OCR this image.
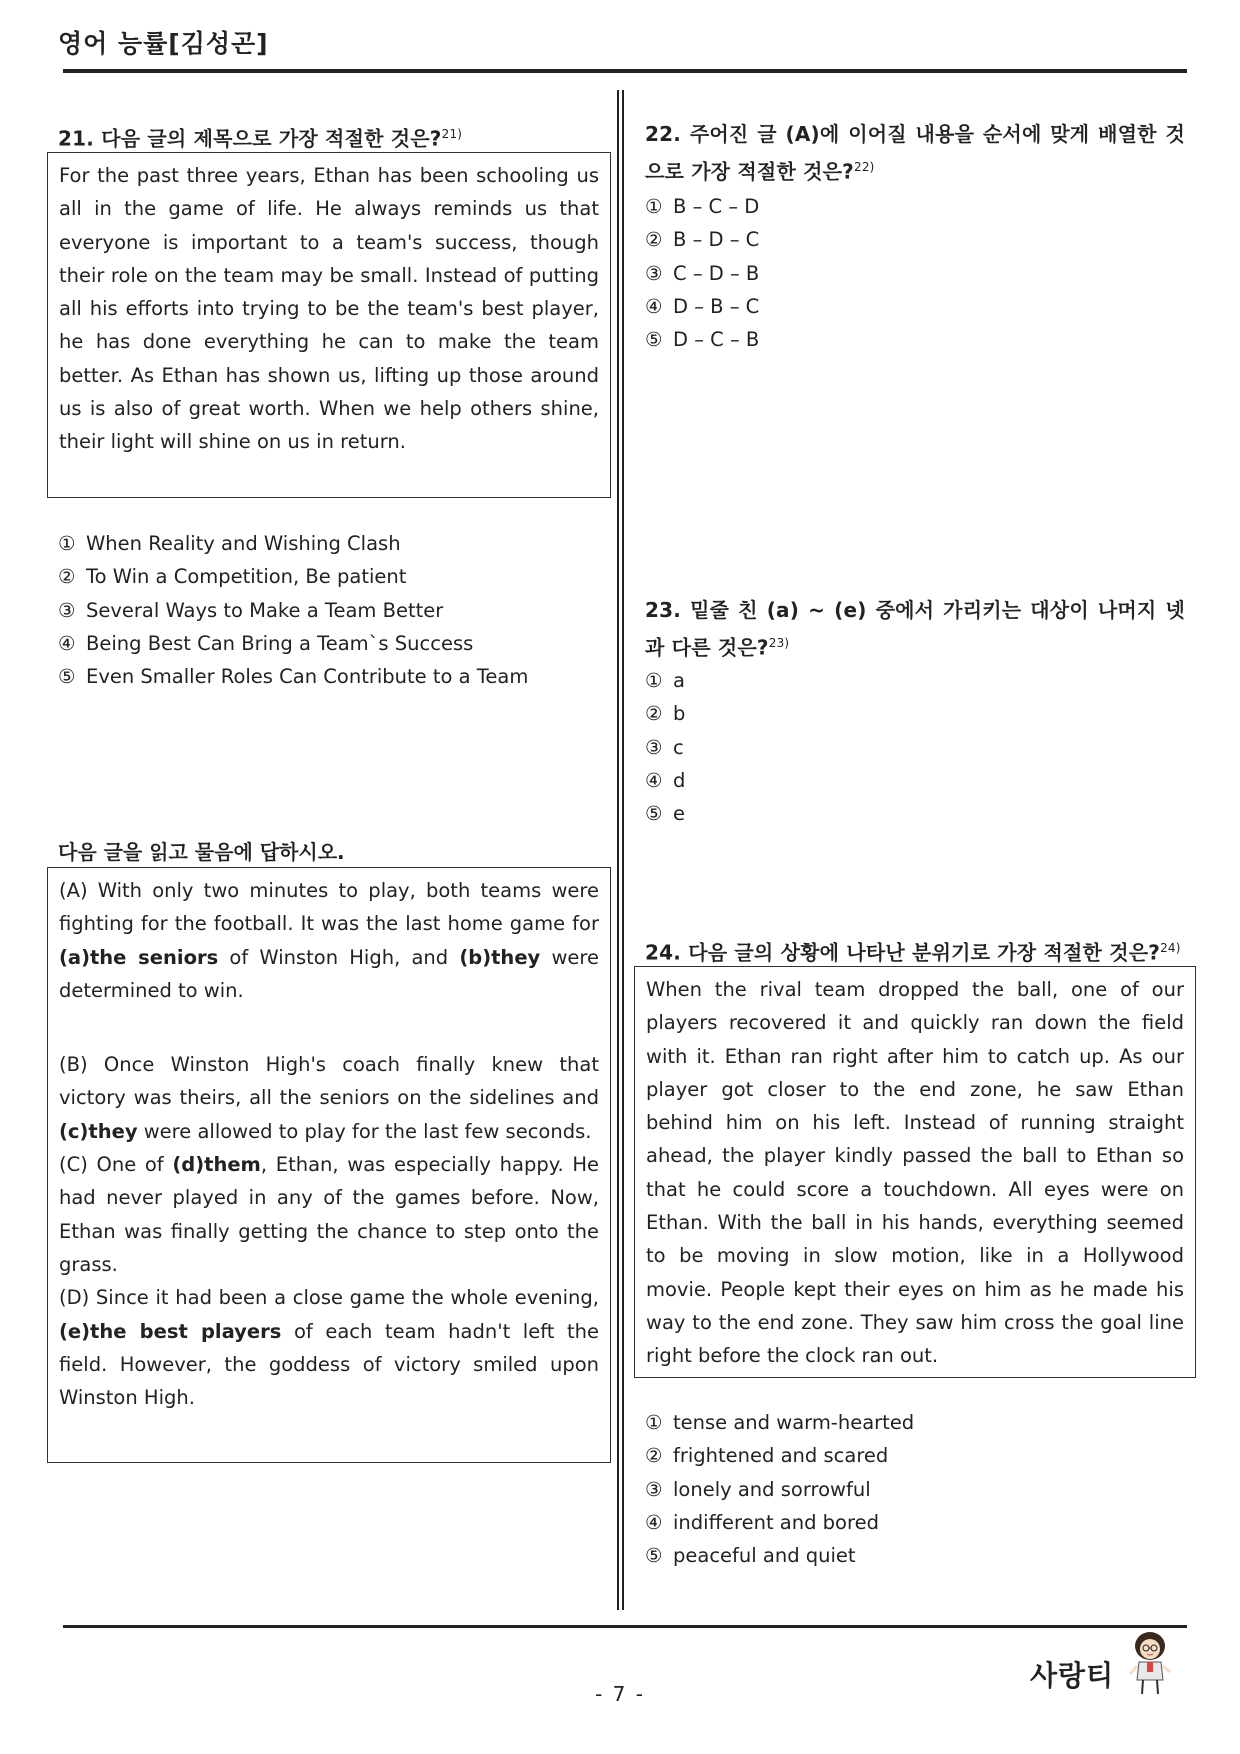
영어 능률[김성곤]
21. 다음 글의 제목으로 가장 적절한 것은?$^{21)}$

For the past three years, Ethan has been schooling us all in the game of life. He always reminds us that everyone is important to a team's success, though their role on the team may be small. Instead of putting all his efforts into trying to be the team's best player, he has done everything he can to make the team better. As Ethan has shown us, lifting up those around us is also of great worth. When we help others shine, their light will shine on us in return.

① When Reality and Wishing Clash
② To Win a Competition, Be patient
③ Several Ways to Make a Team Better
④ Being Best Can Bring a Team`s Success
⑤ Even Smaller Roles Can Contribute to a Team
다음 글을 읽고 물음에 답하시오.

(A) With only two minutes to play, both teams were fighting for the football. It was the last home game for (a)the seniors of Winston High, and (b)they were determined to win.

(B) Once Winston High's coach finally knew that victory was theirs, all the seniors on the sidelines and (c)they were allowed to play for the last few seconds.

(C) One of (d)them, Ethan, was especially happy. He had never played in any of the games before. Now, Ethan was finally getting the chance to step onto the grass.

(D) Since it had been a close game the whole evening, (e)the best players of each team hadn't left the field. However, the goddess of victory smiled upon Winston High.

22. 주어진 글 (A)에 이어질 내용을 순서에 맞게 배열한 것으로 가장 적절한 것은?$^{22)}$
① B – C – D
② B – D – C
③ C – D – B
④ D – B – C
⑤ D – C – B
23. 밑줄 친 (a) ~ (e) 중에서 가리키는 대상이 나머지 넷과 다른 것은?$^{23)}$
① a
② b
③ c
④ d
⑤ e
24. 다음 글의 상황에 나타난 분위기로 가장 적절한 것은?$^{24)}$

When the rival team dropped the ball, one of our players recovered it and quickly ran down the field with it. Ethan ran right after him to catch up. As our player got closer to the end zone, he saw Ethan behind him on his left. Instead of running straight ahead, the player kindly passed the ball to Ethan so that he could score a touchdown. All eyes were on Ethan. With the ball in his hands, everything seemed to be moving in slow motion, like in a Hollywood movie. People kept their eyes on him as he made his way to the end zone. They saw him cross the goal line right before the clock ran out.

① tense and warm-hearted
② frightened and scared
③ lonely and sorrowful
④ indifferent and bored
⑤ peaceful and quiet
- 7 -
사랑티
